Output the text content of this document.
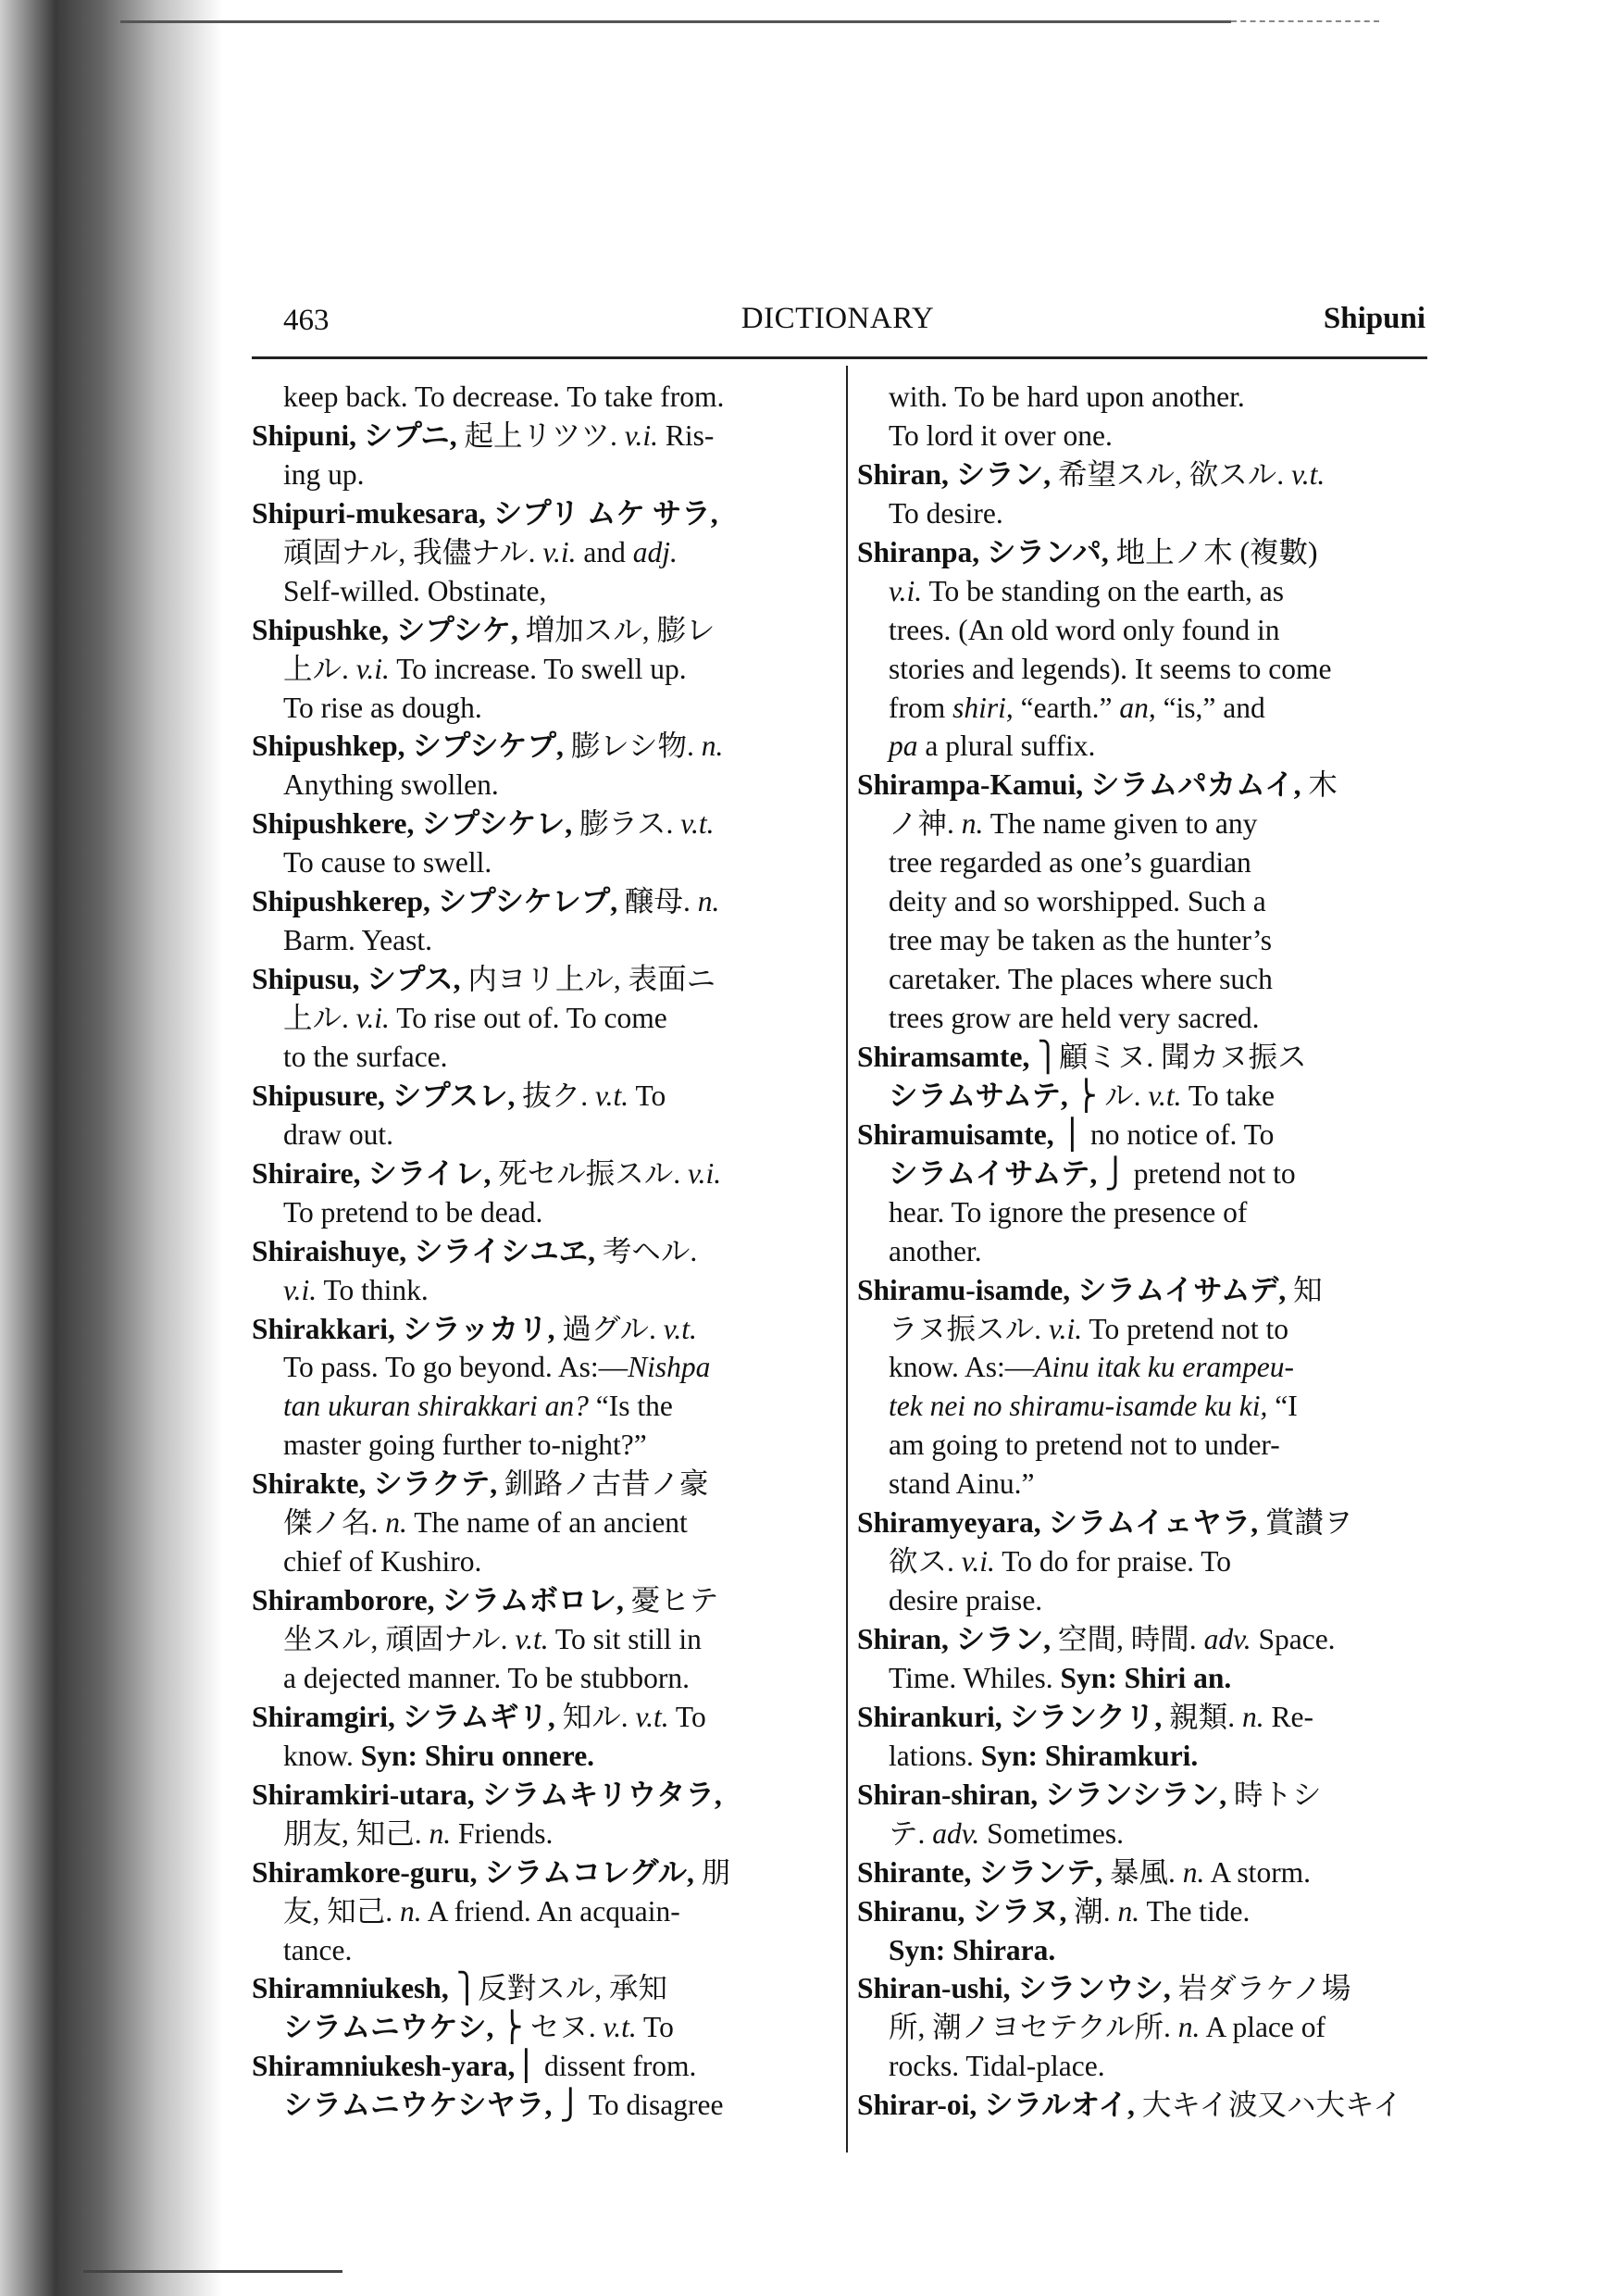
463	DICTIONARY	Shipuni
keep back. To decrease. To take from.
Shipuni, シプニ, 起上リツツ. v.i. Ris-
ing up.
Shipuri-mukesara, シプリ ムケ サラ,
頑固ナル, 我儘ナル. v.i. and adj.
Self-willed. Obstinate,
Shipushke, シプシケ, 増加スル, 膨レ
上ル. v.i. To increase. To swell up.
To rise as dough.
Shipushkep, シプシケプ, 膨レシ物. n.
Anything swollen.
Shipushkere, シプシケレ, 膨ラス. v.t.
To cause to swell.
Shipushkerep, シプシケレプ, 醸母. n.
Barm. Yeast.
Shipusu, シプス, 内ヨリ上ル, 表面ニ
上ル. v.i. To rise out of. To come
to the surface.
Shipusure, シプスレ, 抜ク. v.t. To
draw out.
Shiraire, シライレ, 死セル振スル. v.i.
To pretend to be dead.
Shiraishuye, シライシユヱ, 考ヘル.
v.i. To think.
Shirakkari, シラッカリ, 過グル. v.t.
To pass. To go beyond. As:—Nishpa
tan ukuran shirakkari an? “Is the
master going further to-night?”
Shirakte, シラクテ, 釧路ノ古昔ノ豪
傑ノ名. n. The name of an ancient
chief of Kushiro.
Shiramborore, シラムボロレ, 憂ヒテ
坐スル, 頑固ナル. v.t. To sit still in
a dejected manner. To be stubborn.
Shiramgiri, シラムギリ, 知ル. v.t. To
know. Syn: Shiru onnere.
Shiramkiri-utara, シラムキリウタラ,
朋友, 知己. n. Friends.
Shiramkore-guru, シラムコレグル, 朋
友, 知己. n. A friend. An acquain-
tance.
Shiramniukesh, ⎫反對スル, 承知
シラムニウケシ, ⎬ セヌ. v.t. To
Shiramniukesh-yara,⎪ dissent from.
シラムニウケシヤラ, ⎭ To disagree
with. To be hard upon another.
To lord it over one.
Shiran, シラン, 希望スル, 欲スル. v.t.
To desire.
Shiranpa, シランパ, 地上ノ木 (複數)
v.i. To be standing on the earth, as
trees. (An old word only found in
stories and legends). It seems to come
from shiri, “earth.” an, “is,” and
pa a plural suffix.
Shirampa-Kamui, シラムパカムイ, 木
ノ神. n. The name given to any
tree regarded as one’s guardian
deity and so worshipped. Such a
tree may be taken as the hunter’s
caretaker. The places where such
trees grow are held very sacred.
Shiramsamte, ⎫顧ミヌ. 聞カヌ振ス
シラムサムテ, ⎬ ル. v.t. To take
Shiramuisamte, ⎪ no notice of. To
シラムイサムテ, ⎭ pretend not to
hear. To ignore the presence of
another.
Shiramu-isamde, シラムイサムデ, 知
ラヌ振スル. v.i. To pretend not to
know. As:—Ainu itak ku erampeu-
tek nei no shiramu-isamde ku ki, “I
am going to pretend not to under-
stand Ainu.”
Shiramyeyara, シラムイェヤラ, 賞讃ヲ
欲ス. v.i. To do for praise. To
desire praise.
Shiran, シラン, 空間, 時間. adv. Space.
Time. Whiles. Syn: Shiri an.
Shirankuri, シランクリ, 親類. n. Re-
lations. Syn: Shiramkuri.
Shiran-shiran, シランシラン, 時トシ
テ. adv. Sometimes.
Shirante, シランテ, 暴風. n. A storm.
Shiranu, シラヌ, 潮. n. The tide.
Syn: Shirara.
Shiran-ushi, シランウシ, 岩ダラケノ場
所, 潮ノヨセテクル所. n. A place of
rocks. Tidal-place.
Shirar-oi, シラルオイ, 大キイ波又ハ大キイ
